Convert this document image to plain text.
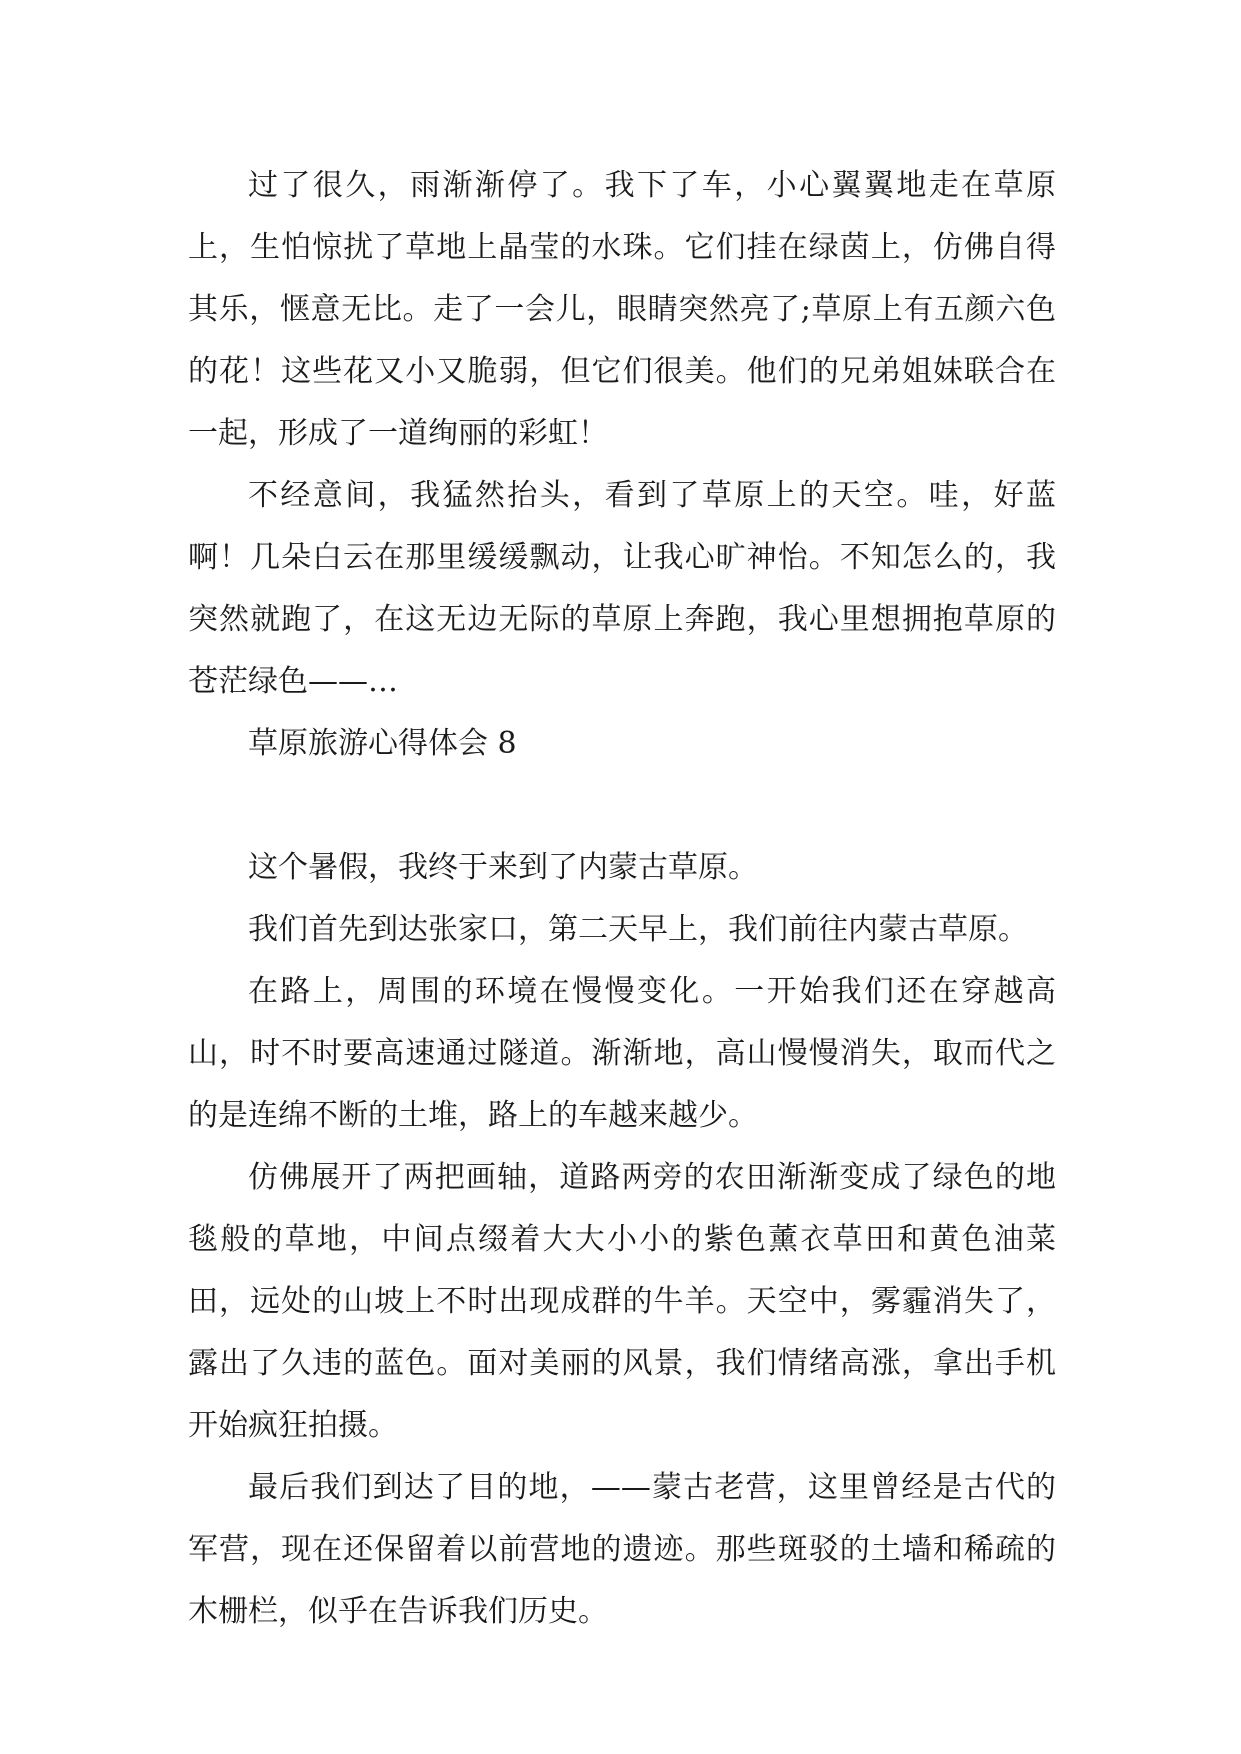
过了很久，雨渐渐停了。我下了车，小心翼翼地走在草原上，生怕惊扰了草地上晶莹的水珠。它们挂在绿茵上，仿佛自得其乐，惬意无比。走了一会儿，眼睛突然亮了;草原上有五颜六色的花！这些花又小又脆弱，但它们很美。他们的兄弟姐妹联合在一起，形成了一道绚丽的彩虹！

不经意间，我猛然抬头，看到了草原上的天空。哇，好蓝啊！几朵白云在那里缓缓飘动，让我心旷神怡。不知怎么的，我突然就跑了，在这无边无际的草原上奔跑，我心里想拥抱草原的苍茫绿色——…

草原旅游心得体会 8

这个暑假，我终于来到了内蒙古草原。

我们首先到达张家口，第二天早上，我们前往内蒙古草原。

在路上，周围的环境在慢慢变化。一开始我们还在穿越高山，时不时要高速通过隧道。渐渐地，高山慢慢消失，取而代之的是连绵不断的土堆，路上的车越来越少。

仿佛展开了两把画轴，道路两旁的农田渐渐变成了绿色的地毯般的草地，中间点缀着大大小小的紫色薰衣草田和黄色油菜田，远处的山坡上不时出现成群的牛羊。天空中，雾霾消失了，露出了久违的蓝色。面对美丽的风景，我们情绪高涨，拿出手机开始疯狂拍摄。

最后我们到达了目的地，——蒙古老营，这里曾经是古代的军营，现在还保留着以前营地的遗迹。那些斑驳的土墙和稀疏的木栅栏，似乎在告诉我们历史。
